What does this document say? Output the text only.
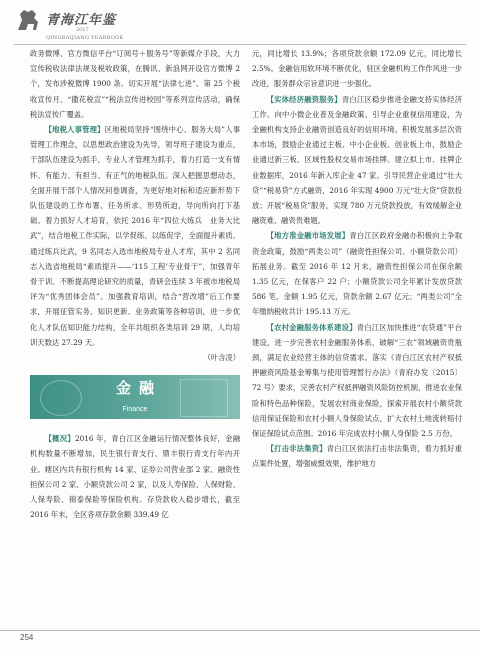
青海江年鉴
2017
QINGBAIJIANG YEARBOOK

政务微博、官方微信平台“订阅号＋服务号”等新媒介手段，大力宣传税收法律法规及税收政策，在腾讯、新浪网开设官方微博 2 个，发布涉税微博 1900 条。切实开展“法律七进”、第 25 个税收宣传月、“撒花税宣”“税法宣传进校园”等系列宣传活动，确保税法宣传广覆盖。

【地税人事管理】区地税局坚持“围绕中心、服务大局”人事管理工作理念，以思想政治建设为先导，领导班子建设为重点，干部队伍建设为抓手，专业人才管理为抓手，着力打造一支有情怀、有能力、有担当、有正气的地税队伍。深入把握思想动态，全面开展干部个人情况问卷调查，为更好地对标和适应新形势下队伍建设的工作布署、任务所求、形势所迫，导向所向打下基础。着力抓好人才培育，依托 2016 年“四位大练兵　业务大比武”，结合地税工作实际，以学促练、以练促学，全面提升素质。通过练兵比武，9 名同志入选市地税局专业人才库，其中 2 名同志入选省地税局“素质提升——‘115 工程’专业骨干”，加强青年骨干训、不断提高理论研究的质量，青研会连续 3 年被市地税局评为“优秀团体会员”。加强教育培训，结合“营改增”后工作要求，开展征管实务、知识更新、业务政策等各种培训，进一步优化人才队伍知识能力结构，全年共组织各类培训 29 期，人均培训天数达 27.29 天。

（叶含凌）

金融
Finance

【概况】2016 年，青白江区金融运行情况整体良好，金融机构数量不断增加，民生银行青支行、鼎丰银行青支行年内开业。辖区内共有银行机构 14 家、证券公司营业部 2 家、融资性担保公司 2 家、小额贷款公司 2 家，以及人寿保险、人保财险、人保寿险、锦泰保险等保险机构。存贷款收入稳步增长，截至 2016 年末，全区各项存款余额 339.49 亿

元，同比增长 13.9%；各项贷款余额 172.09 亿元，同比增长 2.5%。金融信用软环境不断优化，驻区金融机构工作作风进一步改进，服务群众宗旨意识进一步强化。

【实体经济融资服务】青白江区稳步推进金融支持实体经济工作。向中小微企业普及金融政策、引导企业重视信用建设，为金融机构支持企业融资创造良好的信用环境。积极发展多层次资本市场，鼓励企业通过主板、中小企业板、创业板上市，鼓励企业通过新三板、区域性股权交易市场挂牌。建立拟上市、挂牌企业数据库，2016 年新入库企业 47 家。引导民营企业通过“壮大贷”“税易贷”方式融资，2016 年实现 4900 万元“壮大贷”贷款投放；开展“税易贷”服务，实现 780 万元贷款投放，有效缓解企业融资难、融资贵难题。

【地方准金融市场发展】青白江区政府金融办积极向上争取资金政策，鼓励“两类公司”（融资性担保公司、小额贷款公司）拓展业务。截至 2016 年 12 月末，融资性担保公司在保余额 1.35 亿元，在保客户 22 户；小额贷款公司全年累计发放贷款 586 笔，金额 1.95 亿元，贷款余额 2.67 亿元；“两类公司”全年缴纳税收共计 195.13 万元。

【农村金融服务体系建设】青白江区加快推进“农贷通”平台建设，进一步完善农村金融服务体系，破解“三农”领域融资贵瓶颈，满足农业经营主体的信贷需求。落实《青白江区农村产权抵押融资风险基金筹集与使用管理暂行办法》（青府办发〔2015〕72 号）要求，完善农村产权抵押融资风险防控机制，推进农业保险和特色品种保险，发展农村商业保险，探索开展农村小额贷款信用保证保险和农村小额人身保险试点，扩大农村土地流转赔付保证保险试点范围。2016 年完成农村小额人身保险 2.5 万份。

【打击非法集资】青白江区依法打击非法集资，着力抓好重点案件处置，增强威慑效果，维护地方

254
